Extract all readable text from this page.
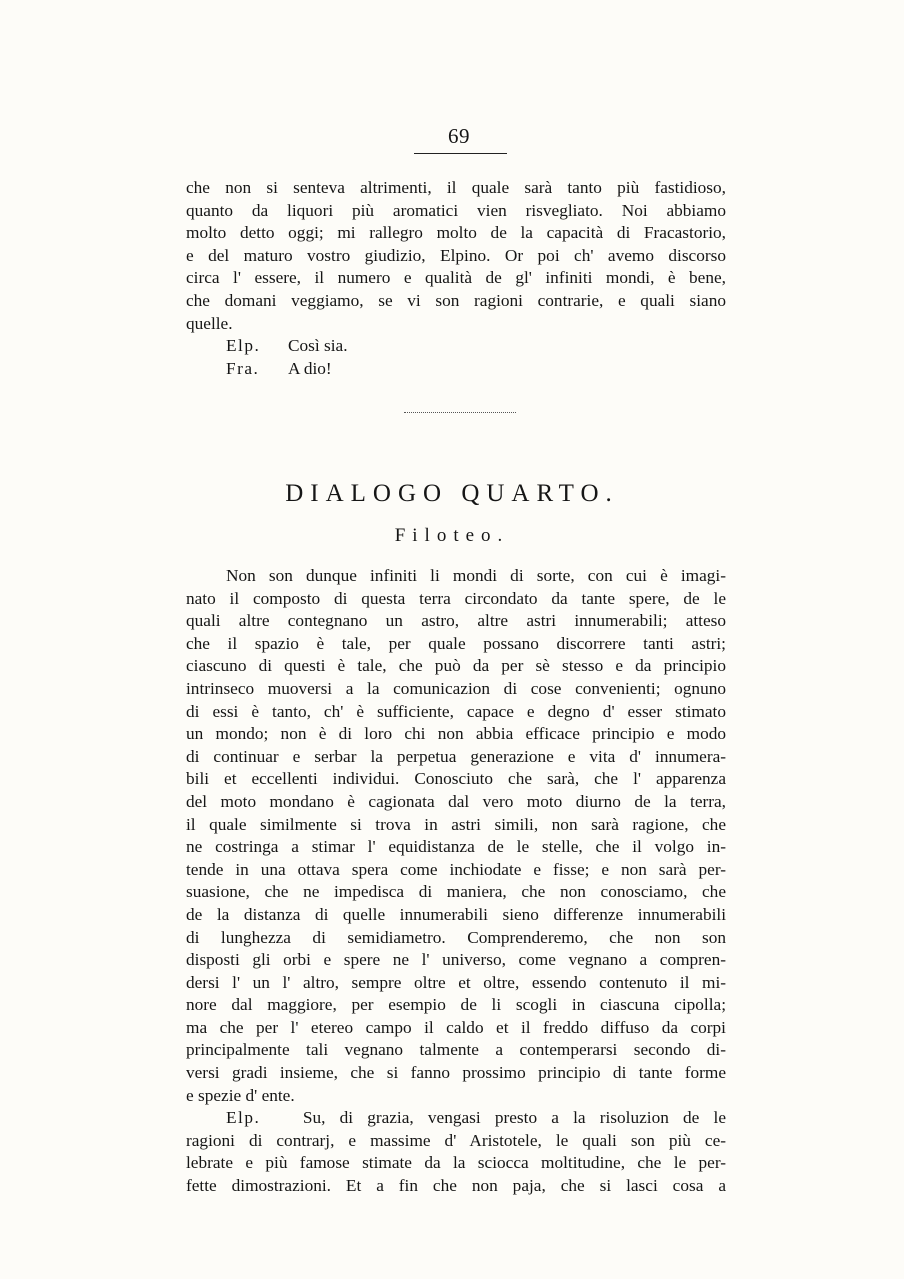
69
che non si senteva altrimenti, il quale sarà tanto più fastidioso,
quanto da liquori più aromatici vien risvegliato. Noi abbiamo
molto detto oggi; mi rallegro molto de la capacità di Fracastorio,
e del maturo vostro giudizio, Elpino. Or poi ch' avemo discorso
circa l' essere, il numero e qualità de gl' infiniti mondi, è bene,
che domani veggiamo, se vi son ragioni contrarie, e quali siano
quelle.
Elp. Così sia.
Fra. A dio!
DIALOGO QUARTO.
Filoteo.
Non son dunque infiniti li mondi di sorte, con cui è imagi-
nato il composto di questa terra circondato da tante spere, de le
quali altre contegnano un astro, altre astri innumerabili; atteso
che il spazio è tale, per quale possano discorrere tanti astri;
ciascuno di questi è tale, che può da per sè stesso e da principio
intrinseco muoversi a la comunicazion di cose convenienti; ognuno
di essi è tanto, ch' è sufficiente, capace e degno d' esser stimato
un mondo; non è di loro chi non abbia efficace principio e modo
di continuar e serbar la perpetua generazione e vita d' innumera-
bili et eccellenti individui. Conosciuto che sarà, che l' apparenza
del moto mondano è cagionata dal vero moto diurno de la terra,
il quale similmente si trova in astri simili, non sarà ragione, che
ne costringa a stimar l' equidistanza de le stelle, che il volgo in-
tende in una ottava spera come inchiodate e fisse; e non sarà per-
suasione, che ne impedisca di maniera, che non conosciamo, che
de la distanza di quelle innumerabili sieno differenze innumerabili
di lunghezza di semidiametro. Comprenderemo, che non son
disposti gli orbi e spere ne l' universo, come vegnano a compren-
dersi l' un l' altro, sempre oltre et oltre, essendo contenuto il mi-
nore dal maggiore, per esempio de li scogli in ciascuna cipolla;
ma che per l' etereo campo il caldo et il freddo diffuso da corpi
principalmente tali vegnano talmente a contemperarsi secondo di-
versi gradi insieme, che si fanno prossimo principio di tante forme
e spezie d' ente.
Elp. Su, di grazia, vengasi presto a la risoluzion de le
ragioni di contrarj, e massime d' Aristotele, le quali son più ce-
lebrate e più famose stimate da la sciocca moltitudine, che le per-
fette dimostrazioni. Et a fin che non paja, che si lasci cosa a
